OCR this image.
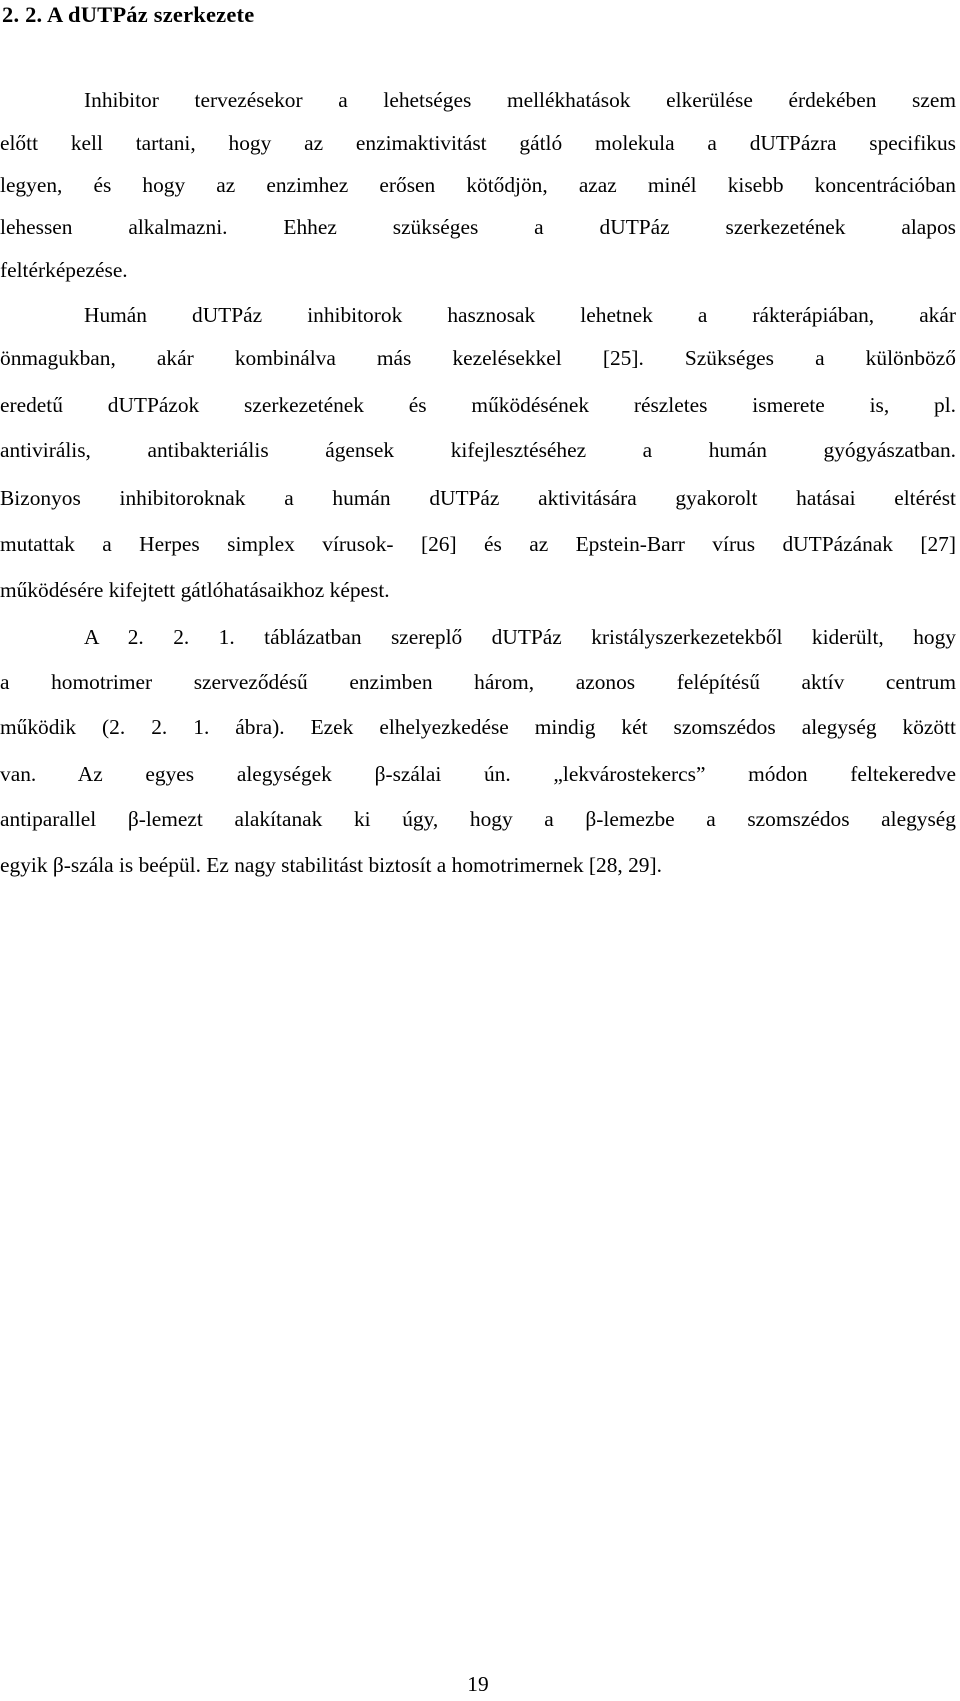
2. 2. A dUTPáz szerkezete
Inhibitor tervezésekor a lehetséges mellékhatások elkerülése érdekében szem
előtt kell tartani, hogy az enzimaktivitást gátló molekula a dUTPázra specifikus
legyen, és hogy az enzimhez erősen kötődjön, azaz minél kisebb koncentrációban
lehessen alkalmazni. Ehhez szükséges a dUTPáz szerkezetének alapos
feltérképezése.
Humán dUTPáz inhibitorok hasznosak lehetnek a rákterápiában, akár
önmagukban, akár kombinálva más kezelésekkel [25]. Szükséges a különböző
eredetű dUTPázok szerkezetének és működésének részletes ismerete is, pl.
antivirális, antibakteriális ágensek kifejlesztéséhez a humán gyógyászatban.
Bizonyos inhibitoroknak a humán dUTPáz aktivitására gyakorolt hatásai eltérést
mutattak a Herpes simplex vírusok- [26] és az Epstein-Barr vírus dUTPázának [27]
működésére kifejtett gátlóhatásaikhoz képest.
A 2. 2. 1. táblázatban szereplő dUTPáz kristályszerkezetekből kiderült, hogy
a homotrimer szerveződésű enzimben három, azonos felépítésű aktív centrum
működik (2. 2. 1. ábra). Ezek elhelyezkedése mindig két szomszédos alegység között
van. Az egyes alegységek β-szálai ún. „lekvárostekercs” módon feltekeredve
antiparallel β-lemezt alakítanak ki úgy, hogy a β-lemezbe a szomszédos alegység
egyik β-szála is beépül. Ez nagy stabilitást biztosít a homotrimernek [28, 29].
19
